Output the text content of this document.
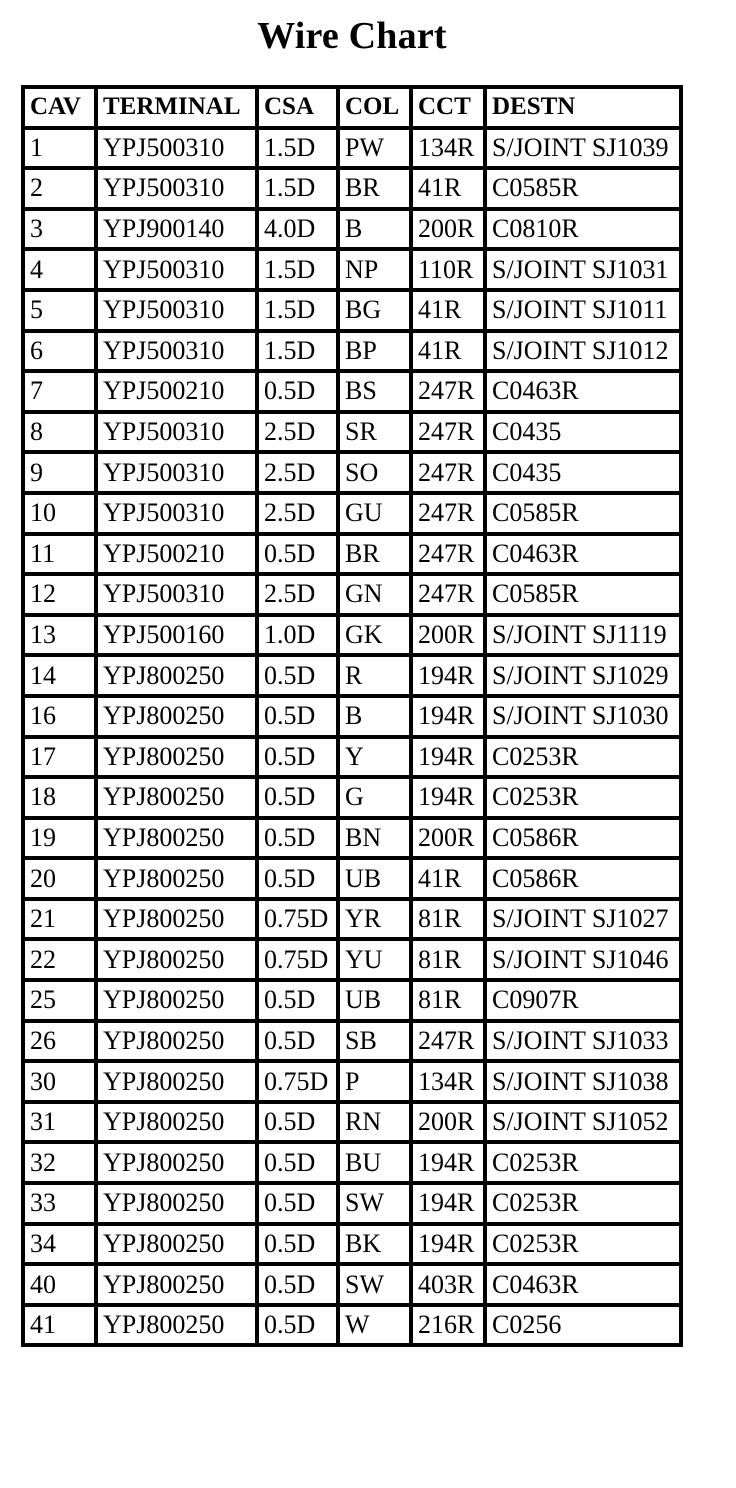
Wire Chart
CAV	TERMINAL	CSA	COL	CCT	DESTN
1	YPJ500310	1.5D	PW	134R	S/JOINT SJ1039
2	YPJ500310	1.5D	BR	41R	C0585R
3	YPJ900140	4.0D	B	200R	C0810R
4	YPJ500310	1.5D	NP	110R	S/JOINT SJ1031
5	YPJ500310	1.5D	BG	41R	S/JOINT SJ1011
6	YPJ500310	1.5D	BP	41R	S/JOINT SJ1012
7	YPJ500210	0.5D	BS	247R	C0463R
8	YPJ500310	2.5D	SR	247R	C0435
9	YPJ500310	2.5D	SO	247R	C0435
10	YPJ500310	2.5D	GU	247R	C0585R
11	YPJ500210	0.5D	BR	247R	C0463R
12	YPJ500310	2.5D	GN	247R	C0585R
13	YPJ500160	1.0D	GK	200R	S/JOINT SJ1119
14	YPJ800250	0.5D	R	194R	S/JOINT SJ1029
16	YPJ800250	0.5D	B	194R	S/JOINT SJ1030
17	YPJ800250	0.5D	Y	194R	C0253R
18	YPJ800250	0.5D	G	194R	C0253R
19	YPJ800250	0.5D	BN	200R	C0586R
20	YPJ800250	0.5D	UB	41R	C0586R
21	YPJ800250	0.75D	YR	81R	S/JOINT SJ1027
22	YPJ800250	0.75D	YU	81R	S/JOINT SJ1046
25	YPJ800250	0.5D	UB	81R	C0907R
26	YPJ800250	0.5D	SB	247R	S/JOINT SJ1033
30	YPJ800250	0.75D	P	134R	S/JOINT SJ1038
31	YPJ800250	0.5D	RN	200R	S/JOINT SJ1052
32	YPJ800250	0.5D	BU	194R	C0253R
33	YPJ800250	0.5D	SW	194R	C0253R
34	YPJ800250	0.5D	BK	194R	C0253R
40	YPJ800250	0.5D	SW	403R	C0463R
41	YPJ800250	0.5D	W	216R	C0256
